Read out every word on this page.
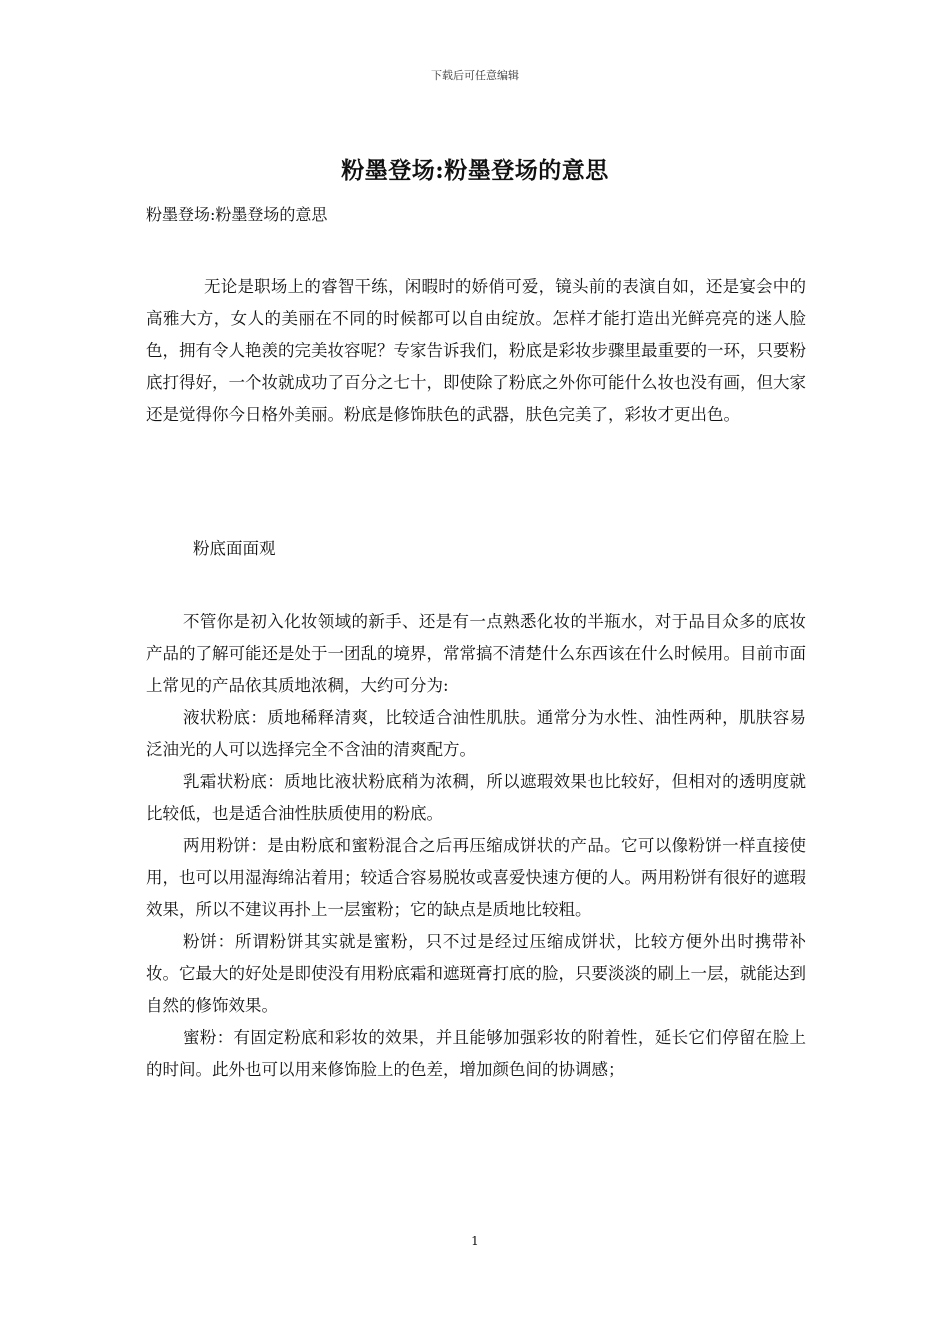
下载后可任意编辑
粉墨登场:粉墨登场的意思
粉墨登场:粉墨登场的意思
无论是职场上的睿智干练，闲暇时的娇俏可爱，镜头前的表演自如，还是宴会中的高雅大方，女人的美丽在不同的时候都可以自由绽放。怎样才能打造出光鲜亮亮的迷人脸色，拥有令人艳羡的完美妆容呢？专家告诉我们，粉底是彩妆步骤里最重要的一环，只要粉底打得好，一个妆就成功了百分之七十，即使除了粉底之外你可能什么妆也没有画，但大家还是觉得你今日格外美丽。粉底是修饰肤色的武器，肤色完美了，彩妆才更出色。
粉底面面观

不管你是初入化妆领域的新手、还是有一点熟悉化妆的半瓶水，对于品目众多的底妆产品的了解可能还是处于一团乱的境界，常常搞不清楚什么东西该在什么时候用。目前市面上常见的产品依其质地浓稠，大约可分为:

液状粉底：质地稀释清爽，比较适合油性肌肤。通常分为水性、油性两种，肌肤容易泛油光的人可以选择完全不含油的清爽配方。

乳霜状粉底：质地比液状粉底稍为浓稠，所以遮瑕效果也比较好，但相对的透明度就比较低，也是适合油性肤质使用的粉底。

两用粉饼：是由粉底和蜜粉混合之后再压缩成饼状的产品。它可以像粉饼一样直接使用，也可以用湿海绵沾着用；较适合容易脱妆或喜爱快速方便的人。两用粉饼有很好的遮瑕效果，所以不建议再扑上一层蜜粉；它的缺点是质地比较粗。

粉饼：所谓粉饼其实就是蜜粉，只不过是经过压缩成饼状，比较方便外出时携带补妆。它最大的好处是即使没有用粉底霜和遮斑膏打底的脸，只要淡淡的刷上一层，就能达到自然的修饰效果。

蜜粉：有固定粉底和彩妆的效果，并且能够加强彩妆的附着性，延长它们停留在脸上的时间。此外也可以用来修饰脸上的色差，增加颜色间的协调感；

1
